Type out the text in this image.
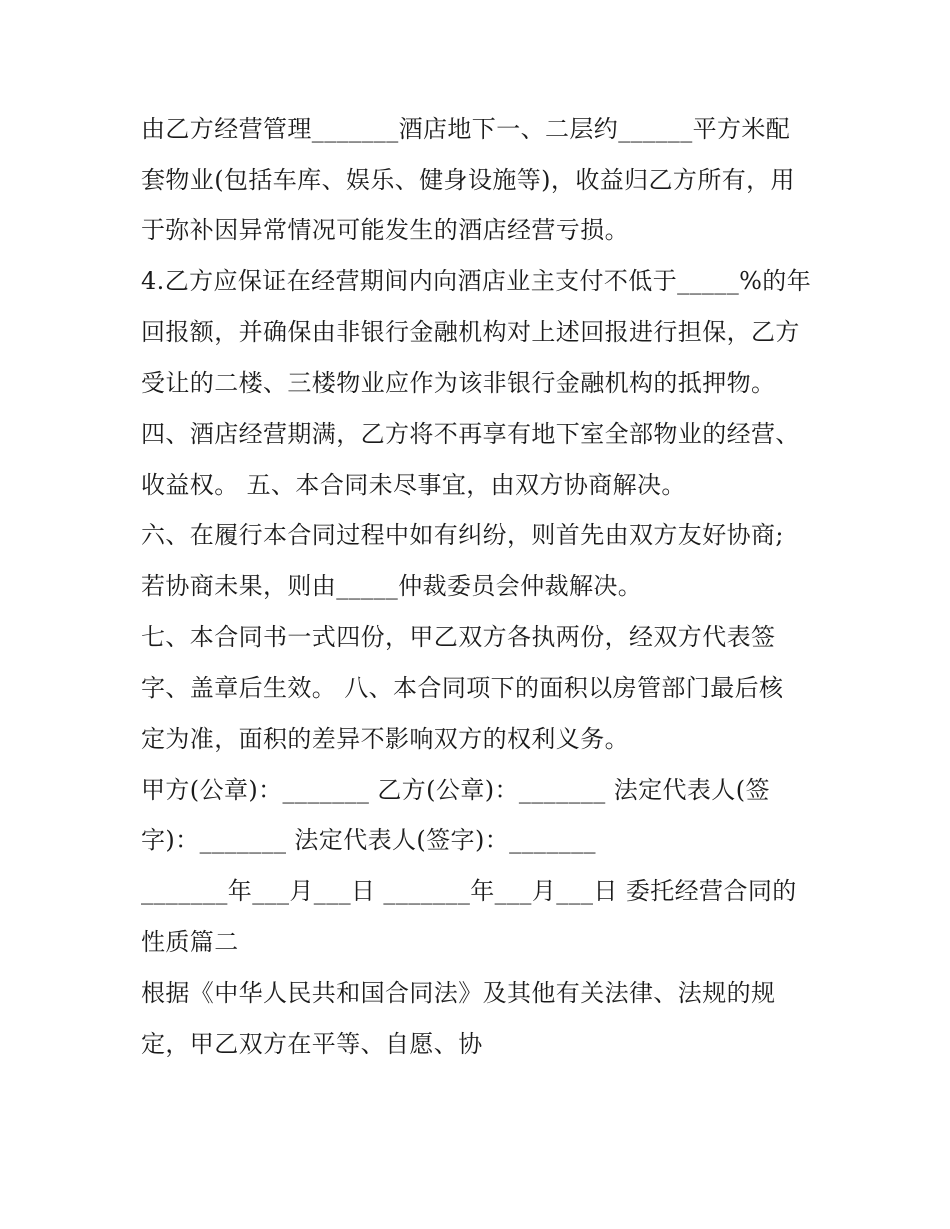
由乙方经营管理_______酒店地下一、二层约______平方米配
套物业(包括车库、娱乐、健身设施等)，收益归乙方所有，用
于弥补因异常情况可能发生的酒店经营亏损。
4.乙方应保证在经营期间内向酒店业主支付不低于_____%的年
回报额，并确保由非银行金融机构对上述回报进行担保，乙方
受让的二楼、三楼物业应作为该非银行金融机构的抵押物。
四、酒店经营期满，乙方将不再享有地下室全部物业的经营、
收益权。 五、本合同未尽事宜，由双方协商解决。
六、在履行本合同过程中如有纠纷，则首先由双方友好协商;
若协商未果，则由_____仲裁委员会仲裁解决。
七、本合同书一式四份，甲乙双方各执两份，经双方代表签
字、盖章后生效。 八、本合同项下的面积以房管部门最后核
定为准，面积的差异不影响双方的权利义务。
甲方(公章)：_______ 乙方(公章)：_______ 法定代表人(签
字)：_______ 法定代表人(签字)：_______
_______年___月___日 _______年___月___日 委托经营合同的
性质篇二
根据《中华人民共和国合同法》及其他有关法律、法规的规
定，甲乙双方在平等、自愿、协
